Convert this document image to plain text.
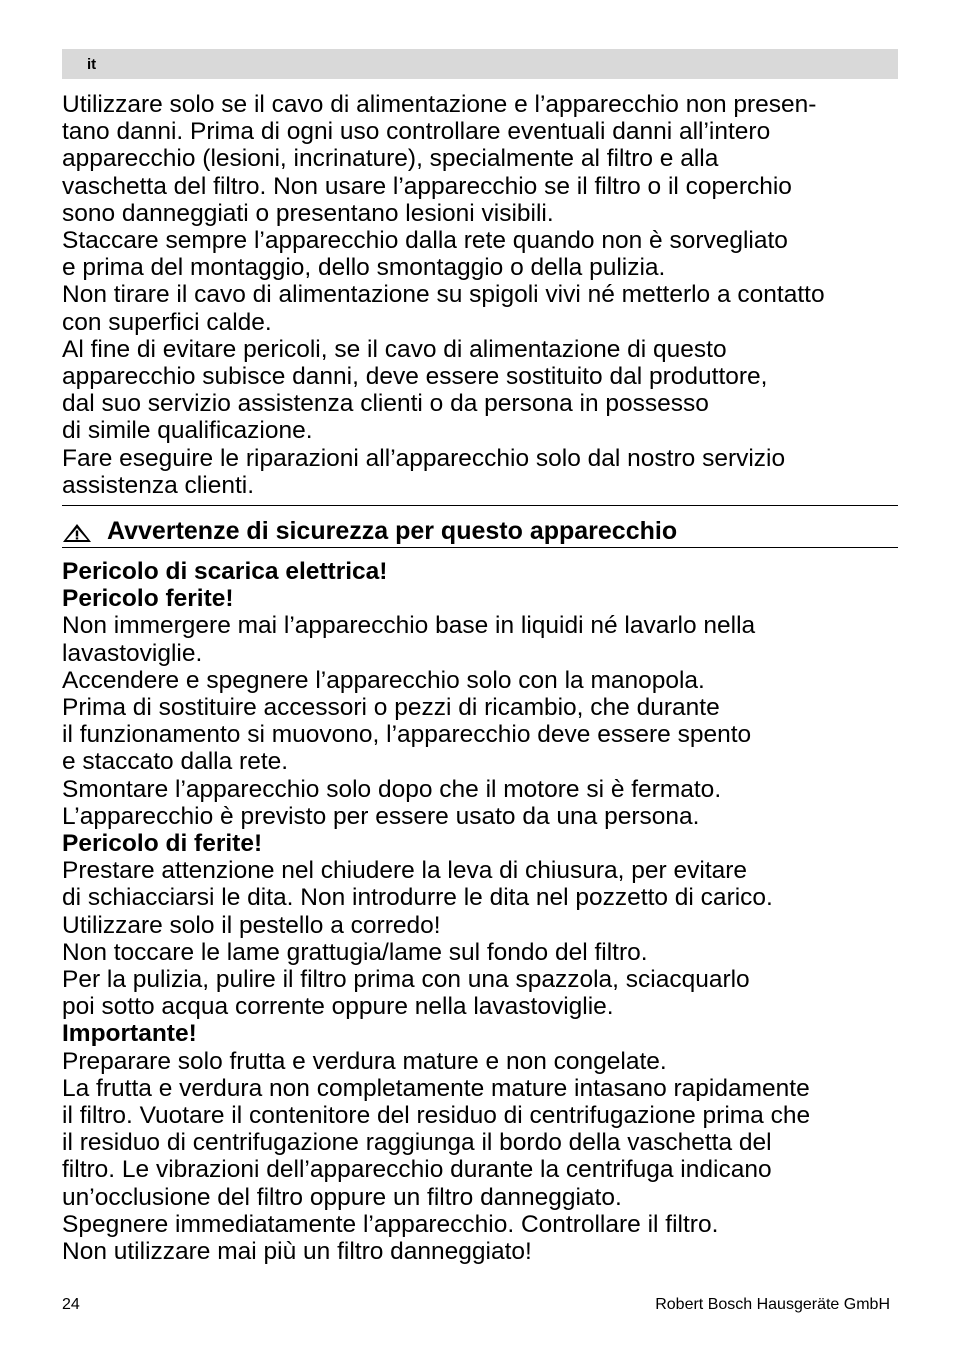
it
Utilizzare solo se il cavo di alimentazione e l’apparecchio non presen-
tano danni. Prima di ogni uso controllare eventuali danni all’intero
apparecchio (lesioni, incrinature), specialmente al filtro e alla
vaschetta del filtro. Non usare l’apparecchio se il filtro o il coperchio
sono danneggiati o presentano lesioni visibili.
Staccare sempre l’apparecchio dalla rete quando non è sorvegliato
e prima del montaggio, dello smontaggio o della pulizia.
Non tirare il cavo di alimentazione su spigoli vivi né metterlo a contatto
con superfici calde.
Al fine di evitare pericoli, se il cavo di alimentazione di questo
apparecchio subisce danni, deve essere sostituito dal produttore,
dal suo servizio assistenza clienti o da persona in possesso
di simile qualificazione.
Fare eseguire le riparazioni all’apparecchio solo dal nostro servizio
assistenza clienti.
Avvertenze di sicurezza per questo apparecchio
Pericolo di scarica elettrica!
Pericolo ferite!
Non immergere mai l’apparecchio base in liquidi né lavarlo nella
lavastoviglie.
Accendere e spegnere l’apparecchio solo con la manopola.
Prima di sostituire accessori o pezzi di ricambio, che durante
il funzionamento si muovono, l’apparecchio deve essere spento
e staccato dalla rete.
Smontare l’apparecchio solo dopo che il motore si è fermato.
L’apparecchio è previsto per essere usato da una persona.
Pericolo di ferite!
Prestare attenzione nel chiudere la leva di chiusura, per evitare
di schiacciarsi le dita. Non introdurre le dita nel pozzetto di carico.
Utilizzare solo il pestello a corredo!
Non toccare le lame grattugia/lame sul fondo del filtro.
Per la pulizia, pulire il filtro prima con una spazzola, sciacquarlo
poi sotto acqua corrente oppure nella lavastoviglie.
Importante!
Preparare solo frutta e verdura mature e non congelate.
La frutta e verdura non completamente mature intasano rapidamente
il filtro. Vuotare il contenitore del residuo di centrifugazione prima che
il residuo di centrifugazione raggiunga il bordo della vaschetta del
filtro. Le vibrazioni dell’apparecchio durante la centrifuga indicano
un’occlusione del filtro oppure un filtro danneggiato.
Spegnere immediatamente l’apparecchio. Controllare il filtro.
Non utilizzare mai più un filtro danneggiato!
24	Robert Bosch Hausgeräte GmbH
